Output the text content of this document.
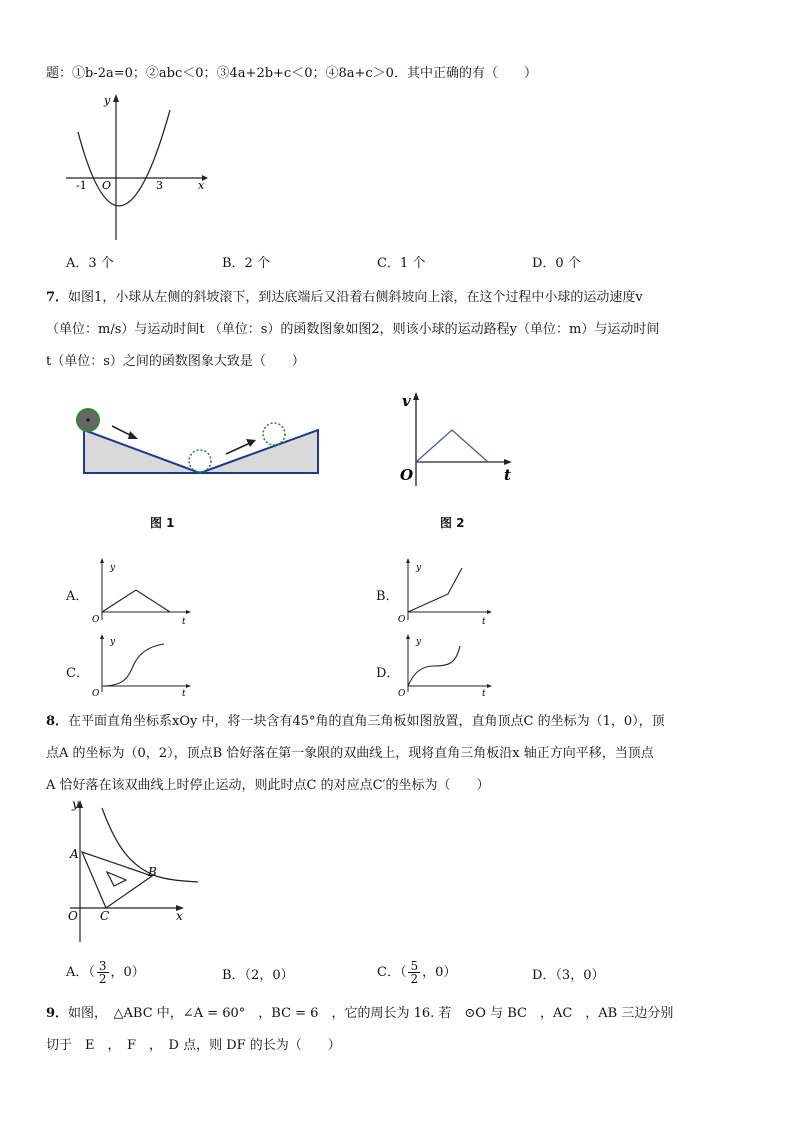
题：①b-2a=0；②abc＜0；③4a+2b+c＜0；④8a+c＞0．其中正确的有（　　）
y
x
O
-1	3
A．3 个	B．2 个	C．1 个	D．0 个
7．如图1，小球从左侧的斜坡滚下，到达底端后又沿着右侧斜坡向上滚，在这个过程中小球的运动速度v
（单位：m/s）与运动时间t （单位：s）的函数图象如图2，则该小球的运动路程y（单位：m）与运动时间
t（单位：s）之间的函数图象大致是（　　）
图 1
v
t
O
图 2
A．
y
t
O
B．
y
t
O
C．
y
t
O
D．
y
t
O
8．在平面直角坐标系xOy 中，将一块含有45°角的直角三角板如图放置，直角顶点C 的坐标为（1，0），顶
点A 的坐标为（0，2），顶点B 恰好落在第一象限的双曲线上，现将直角三角板沿x 轴正方向平移，当顶点
A 恰好落在该双曲线上时停止运动，则此时点C 的对应点C′的坐标为（　　）
y
x
O
A
B
C
A．（ $\frac{3}{2}$ ，0）	B．（2，0）	C．（ $\frac{5}{2}$ ，0）	D．（3，0）
9．如图，　△ABC 中，∠A = 60°　，BC = 6　，它的周长为 16. 若　⊙O 与 BC　，AC　，AB 三边分别
切于　E　，　F　，　D 点，则 DF 的长为（　　）
